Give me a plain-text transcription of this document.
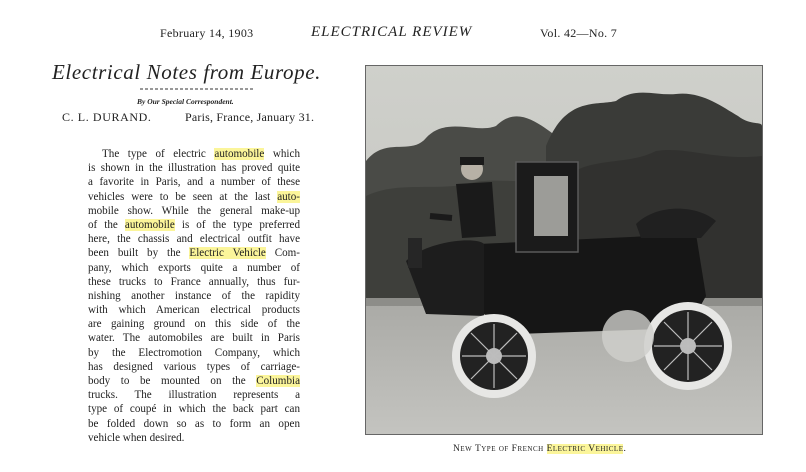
February 14, 1903	ELECTRICAL REVIEW	Vol. 42—No. 7
Electrical Notes from Europe.
By Our Special Correspondent.
C. L. DURAND.	Paris, France, January 31.

The type of electric automobile which
is shown in the illustration has proved quite
a favorite in Paris, and a number of these
vehicles were to be seen at the last auto-
mobile show. While the general make-up
of the automobile is of the type preferred
here, the chassis and electrical outfit have
been built by the Electric Vehicle Com-
pany, which exports quite a number of
these trucks to France annually, thus fur-
nishing another instance of the rapidity
with which American electrical products
are gaining ground on this side of the
water. The automobiles are built in Paris
by the Electromotion Company, which
has designed various types of carriage-
body to be mounted on the Columbia
trucks. The illustration represents a
type of coupé in which the back part can
be folded down so as to form an open
vehicle when desired.

New Type of French Electric Vehicle.
